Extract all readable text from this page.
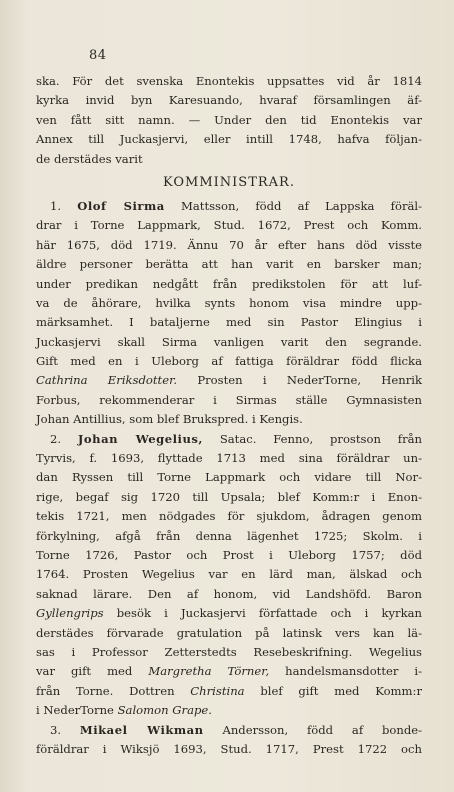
84
ska. För det svenska Enontekis uppsattes vid år 1814
kyrka invid byn Karesuando, hvaraf församlingen äf-
ven fått sitt namn. — Under den tid Enontekis var
Annex till Juckasjervi, eller intill 1748, hafva följan-
de derstädes varit
KOMMINISTRAR.
1. Olof Sirma Mattsson, född af Lappska föräl-
drar i Torne Lappmark, Stud. 1672, Prest och Komm.
här 1675, död 1719. Ännu 70 år efter hans död visste
äldre personer berätta att han varit en barsker man;
under predikan nedgått från predikstolen för att luf-
va de åhörare, hvilka synts honom visa mindre upp-
märksamhet. I bataljerne med sin Pastor Elingius i
Juckasjervi skall Sirma vanligen varit den segrande.
Gift med en i Uleborg af fattiga föräldrar född flicka
Cathrina Eriksdotter. Prosten i NederTorne, Henrik
Forbus, rekommenderar i Sirmas ställe Gymnasisten
Johan Antillius, som blef Brukspred. i Kengis.
2. Johan Wegelius, Satac. Fenno, prostson från
Tyrvis, f. 1693, flyttade 1713 med sina föräldrar un-
dan Ryssen till Torne Lappmark och vidare till Nor-
rige, begaf sig 1720 till Upsala; blef Komm:r i Enon-
tekis 1721, men nödgades för sjukdom, ådragen genom
förkylning, afgå från denna lägenhet 1725; Skolm. i
Torne 1726, Pastor och Prost i Uleborg 1757; död
1764. Prosten Wegelius var en lärd man, älskad och
saknad lärare. Den af honom, vid Landshöfd. Baron
Gyllengrips besök i Juckasjervi författade och i kyrkan
derstädes förvarade gratulation på latinsk vers kan lä-
sas i Professor Zetterstedts Resebeskrifning. Wegelius
var gift med Margretha Törner, handelsmansdotter i-
från Torne. Dottren Christina blef gift med Komm:r
i NederTorne Salomon Grape.
3. Mikael Wikman Andersson, född af bonde-
föräldrar i Wiksjö 1693, Stud. 1717, Prest 1722 och
